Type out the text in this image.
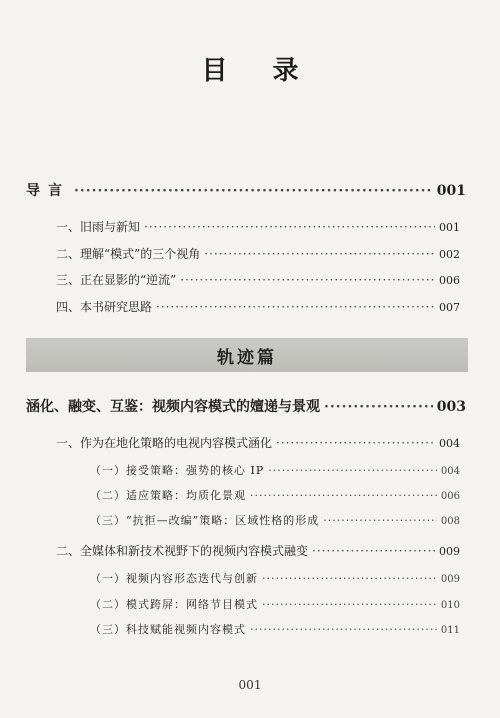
目 录
导言 ·····	001
一、旧雨与新知 ·····	001
二、理解“模式”的三个视角 ·····	002
三、正在显影的“逆流” ·····	006
四、本书研究思路 ·····	007
轨迹篇
涵化、融变、互鉴：视频内容模式的嬗递与景观 ·····	003
一、作为在地化策略的电视内容模式涵化 ·····	004
（一）接受策略：强势的核心 IP ·····	004
（二）适应策略：均质化景观 ·····	006
（三）“抗拒—改编”策略：区域性格的形成 ·····	008
二、全媒体和新技术视野下的视频内容模式融变 ·····	009
（一）视频内容形态迭代与创新 ·····	009
（二）模式跨屏：网络节目模式 ·····	010
（三）科技赋能视频内容模式 ·····	011
001
